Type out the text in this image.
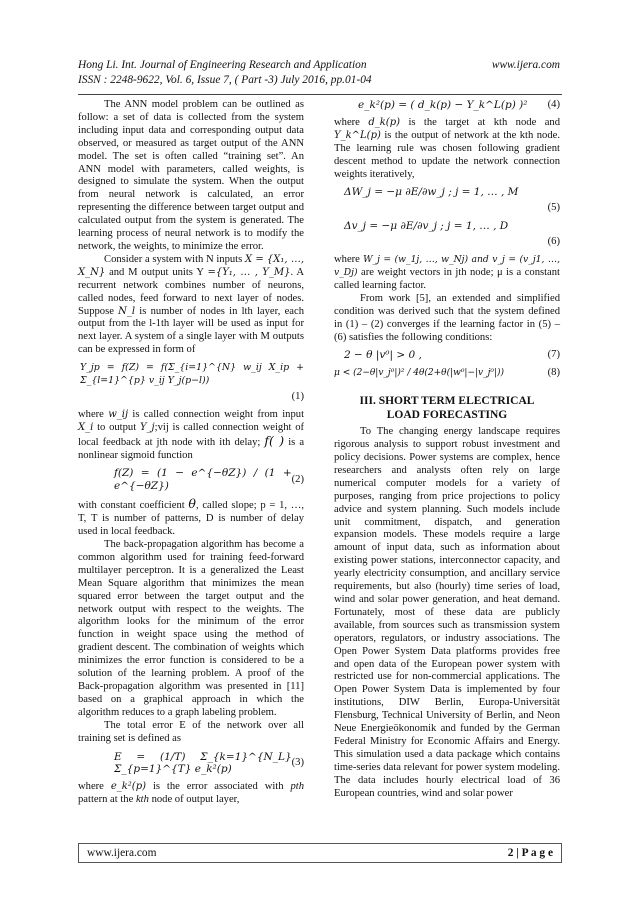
Hong Li. Int. Journal of Engineering Research and Application	www.ijera.com
ISSN : 2248-9622, Vol. 6, Issue 7, ( Part -3) July 2016, pp.01-04

The ANN model problem can be outlined as follow: a set of data is collected from the system including input data and corresponding output data observed, or measured as target output of the ANN model. The set is often called “training set”. An ANN model with parameters, called weights, is designed to simulate the system. When the output from neural network is calculated, an error representing the difference between target output and calculated output from the system is generated. The learning process of neural network is to modify the network, the weights, to minimize the error.

Consider a system with N inputs X = {X₁, …, X_N} and M output units Y ={Y₁, … , Y_M}. A recurrent network combines number of neurons, called nodes, feed forward to next layer of nodes. Suppose N_l is number of nodes in lth layer, each output from the l-1th layer will be used as input for next layer. A system of a single layer with M outputs can be expressed in form of

Y_jp = f(Z) = f(Σ_{i=1}^{N} w_ij X_ip + Σ_{l=1}^{p} v_ij Y_j(p−l))
(1)

where w_ij is called connection weight from input X_i to output Y_j;vij is called connection weight of local feedback at jth node with ith delay; f( ) is a nonlinear sigmoid function

f(Z) = (1 − e^{−θZ}) / (1 + e^{−θZ})
(2)

with constant coefficient θ, called slope; p = 1, …, T, T is number of patterns, D is number of delay used in local feedback.

The back-propagation algorithm has become a common algorithm used for training feed-forward multilayer perceptron. It is a generalized the Least Mean Square algorithm that minimizes the mean squared error between the target output and the network output with respect to the weights. The algorithm looks for the minimum of the error function in weight space using the method of gradient descent. The combination of weights which minimizes the error function is considered to be a solution of the learning problem. A proof of the Back-propagation algorithm was presented in [11] based on a graphical approach in which the algorithm reduces to a graph labeling problem.

The total error E of the network over all training set is defined as

E = (1/T) Σ_{k=1}^{N_L} Σ_{p=1}^{T} e_k²(p)
(3)

where e_k²(p) is the error associated with pth pattern at the kth node of output layer,

e_k²(p) = ( d_k(p) − Y_k^L(p) )² (4)

where d_k(p) is the target at kth node and Y_k^L(p) is the output of network at the kth node. The learning rule was chosen following gradient descent method to update the network connection weights iteratively,

ΔW_j = −μ ∂E/∂w_j ; j = 1, … , M
(5)
Δv_j = −μ ∂E/∂v_j ; j = 1, … , D
(6)

where W_j = (w_1j, …, w_Nj) and v_j = (v_j1, …, v_Dj) are weight vectors in jth node; μ is a constant called learning factor.

From work [5], an extended and simplified condition was derived such that the system defined in (1) – (2) converges if the learning factor in (5) – (6) satisfies the following conditions:

2 − θ |v⁰| > 0 ,	(7)
μ < (2−θ|v_j⁰|)² / 4θ(2+θ(|w⁰|−|v_j⁰|))	(8)
III. SHORT TERM ELECTRICAL
LOAD FORECASTING

To The changing energy landscape requires rigorous analysis to support robust investment and policy decisions. Power systems are complex, hence researchers and analysts often rely on large numerical computer models for a variety of purposes, ranging from price projections to policy advice and system planning. Such models include unit commitment, dispatch, and generation expansion models. These models require a large amount of input data, such as information about existing power stations, interconnector capacity, and yearly electricity consumption, and ancillary service requirements, but also (hourly) time series of load, wind and solar power generation, and heat demand. Fortunately, most of these data are publicly available, from sources such as transmission system operators, regulators, or industry associations. The Open Power System Data platforms provides free and open data of the European power system with restricted use for non-commercial applications. The Open Power System Data is implemented by four institutions, DIW Berlin, Europa-Universität Flensburg, Technical University of Berlin, and Neon Neue Energieökonomik and funded by the German Federal Ministry for Economic Affairs and Energy. This simulation used a data package which contains time-series data relevant for power system modeling. The data includes hourly electrical load of 36 European countries, wind and solar power

www.ijera.com	2 | P a g e
